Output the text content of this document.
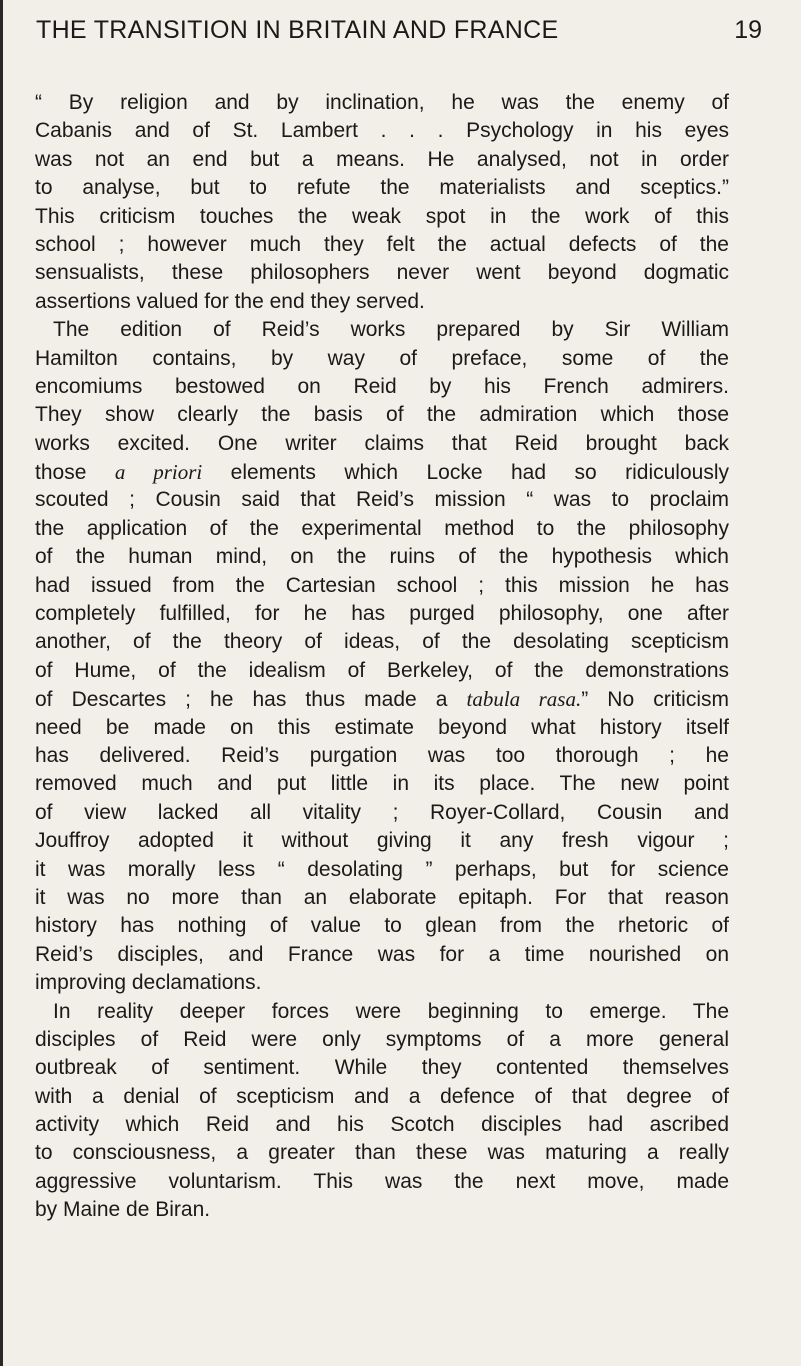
THE TRANSITION IN BRITAIN AND FRANCE	19
“ By religion and by inclination, he was the enemy of
Cabanis and of St. Lambert . . . Psychology in his eyes
was not an end but a means. He analysed, not in order
to analyse, but to refute the materialists and sceptics.”
This criticism touches the weak spot in the work of this
school ; however much they felt the actual defects of the
sensualists, these philosophers never went beyond dogmatic
assertions valued for the end they served.
The edition of Reid’s works prepared by Sir William
Hamilton contains, by way of preface, some of the
encomiums bestowed on Reid by his French admirers.
They show clearly the basis of the admiration which those
works excited. One writer claims that Reid brought back
those a priori elements which Locke had so ridiculously
scouted ; Cousin said that Reid’s mission “ was to proclaim
the application of the experimental method to the philosophy
of the human mind, on the ruins of the hypothesis which
had issued from the Cartesian school ; this mission he has
completely fulfilled, for he has purged philosophy, one after
another, of the theory of ideas, of the desolating scepticism
of Hume, of the idealism of Berkeley, of the demonstrations
of Descartes ; he has thus made a tabula rasa.” No criticism
need be made on this estimate beyond what history itself
has delivered. Reid’s purgation was too thorough ; he
removed much and put little in its place. The new point
of view lacked all vitality ; Royer-Collard, Cousin and
Jouffroy adopted it without giving it any fresh vigour ;
it was morally less “ desolating ” perhaps, but for science
it was no more than an elaborate epitaph. For that reason
history has nothing of value to glean from the rhetoric of
Reid’s disciples, and France was for a time nourished on
improving declamations.
In reality deeper forces were beginning to emerge. The
disciples of Reid were only symptoms of a more general
outbreak of sentiment. While they contented themselves
with a denial of scepticism and a defence of that degree of
activity which Reid and his Scotch disciples had ascribed
to consciousness, a greater than these was maturing a really
aggressive voluntarism. This was the next move, made
by Maine de Biran.
